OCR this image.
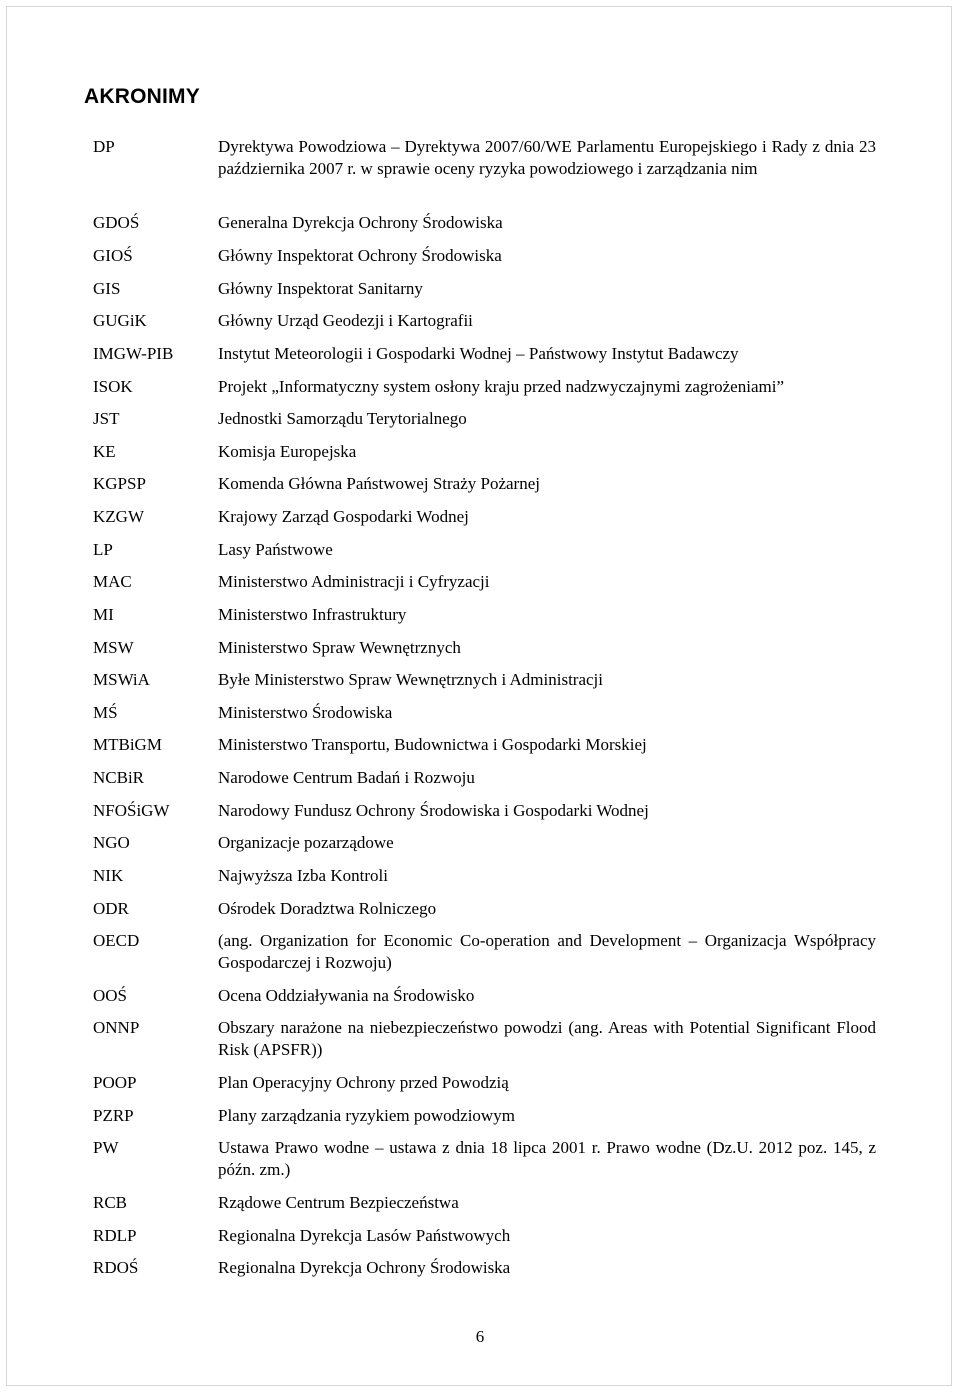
AKRONIMY
DP	Dyrektywa Powodziowa – Dyrektywa 2007/60/WE Parlamentu Europejskiego i Rady z dnia 23 października 2007 r. w sprawie oceny ryzyka powodziowego i zarządzania nim
GDOŚ	Generalna Dyrekcja Ochrony Środowiska
GIOŚ	Główny Inspektorat Ochrony Środowiska
GIS	Główny Inspektorat Sanitarny
GUGiK	Główny Urząd Geodezji i Kartografii
IMGW-PIB	Instytut Meteorologii i Gospodarki Wodnej – Państwowy Instytut Badawczy
ISOK	Projekt „Informatyczny system osłony kraju przed nadzwyczajnymi zagrożeniami”
JST	Jednostki Samorządu Terytorialnego
KE	Komisja Europejska
KGPSP	Komenda Główna Państwowej Straży Pożarnej
KZGW	Krajowy Zarząd Gospodarki Wodnej
LP	Lasy Państwowe
MAC	Ministerstwo Administracji i Cyfryzacji
MI	Ministerstwo Infrastruktury
MSW	Ministerstwo Spraw Wewnętrznych
MSWiA	Byłe Ministerstwo Spraw Wewnętrznych i Administracji
MŚ	Ministerstwo Środowiska
MTBiGM	Ministerstwo Transportu, Budownictwa i Gospodarki Morskiej
NCBiR	Narodowe Centrum Badań i Rozwoju
NFOŚiGW	Narodowy Fundusz Ochrony Środowiska i Gospodarki Wodnej
NGO	Organizacje pozarządowe
NIK	Najwyższa Izba Kontroli
ODR	Ośrodek Doradztwa Rolniczego
OECD	(ang. Organization for Economic Co-operation and Development – Organizacja Współpracy Gospodarczej i Rozwoju)
OOŚ	Ocena Oddziaływania na Środowisko
ONNP	Obszary narażone na niebezpieczeństwo powodzi (ang. Areas with Potential Significant Flood Risk (APSFR))
POOP	Plan Operacyjny Ochrony przed Powodzią
PZRP	Plany zarządzania ryzykiem powodziowym
PW	Ustawa Prawo wodne – ustawa z dnia 18 lipca 2001 r. Prawo wodne (Dz.U. 2012 poz. 145, z późn. zm.)
RCB	Rządowe Centrum Bezpieczeństwa
RDLP	Regionalna Dyrekcja Lasów Państwowych
RDOŚ	Regionalna Dyrekcja Ochrony Środowiska
6
